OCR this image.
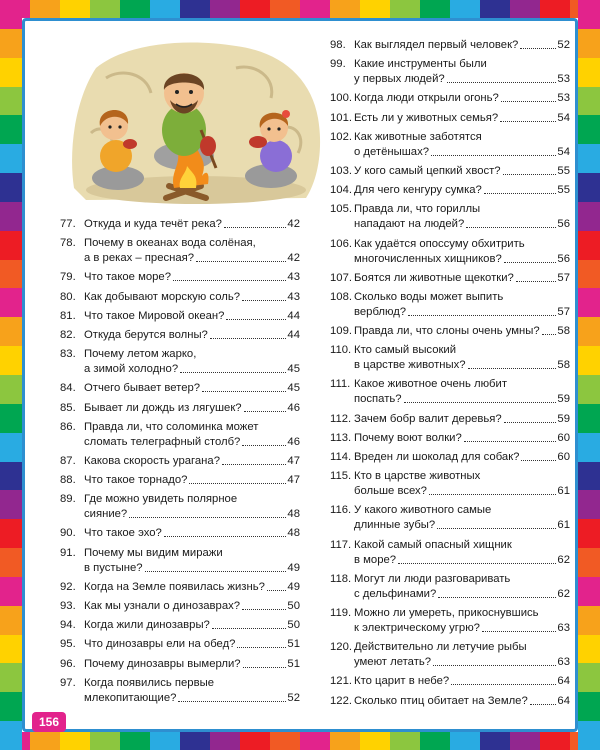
77. Откуда и куда течёт река?	42
78. Почему в океанах вода солёная,
а в реках – пресная?	42
79. Что такое море?	43
80. Как добывают морскую соль?	43
81. Что такое Мировой океан?	44
82. Откуда берутся волны?	44
83. Почему летом жарко,
а зимой холодно?	45
84. Отчего бывает ветер?	45
85. Бывает ли дождь из лягушек?	46
86. Правда ли, что соломинка может
сломать телеграфный столб?	46
87. Какова скорость урагана?	47
88. Что такое торнадо?	47
89. Где можно увидеть полярное
сияние?	48
90. Что такое эхо?	48
91. Почему мы видим миражи
в пустыне?	49
92. Когда на Земле появилась жизнь? 49
93. Как мы узнали о динозаврах?	50
94. Когда жили динозавры?	50
95. Что динозавры ели на обед?	51
96. Почему динозавры вымерли?	51
97. Когда появились первые
млекопитающие?	52
98. Как выглядел первый человек?	52
99. Какие инструменты были
у первых людей?	53
100. Когда люди открыли огонь?	53
101. Есть ли у животных семья?	54
102. Как животные заботятся
о детёнышах?	54
103. У кого самый цепкий хвост?	55
104. Для чего кенгуру сумка?	55
105. Правда ли, что гориллы
нападают на людей?	56
106. Как удаётся опоссуму обхитрить
многочисленных хищников?	56
107. Боятся ли животные щекотки?	57
108. Сколько воды может выпить
верблюд?	57
109. Правда ли, что слоны очень умны? 58
110. Кто самый высокий
в царстве животных?	58
111. Какое животное очень любит
поспать?	59
112. Зачем бобр валит деревья?	59
113. Почему воют волки?	60
114. Вреден ли шоколад для собак?	60
115. Кто в царстве животных
больше всех?	61
116. У какого животного самые
длинные зубы?	61
117. Какой самый опасный хищник
в море?	62
118. Могут ли люди разговаривать
с дельфинами?	62
119. Можно ли умереть, прикоснувшись
к электрическому угрю?	63
120. Действительно ли летучие рыбы
умеют летать?	63
121. Кто царит в небе?	64
122. Сколько птиц обитает на Земле?	64
156
